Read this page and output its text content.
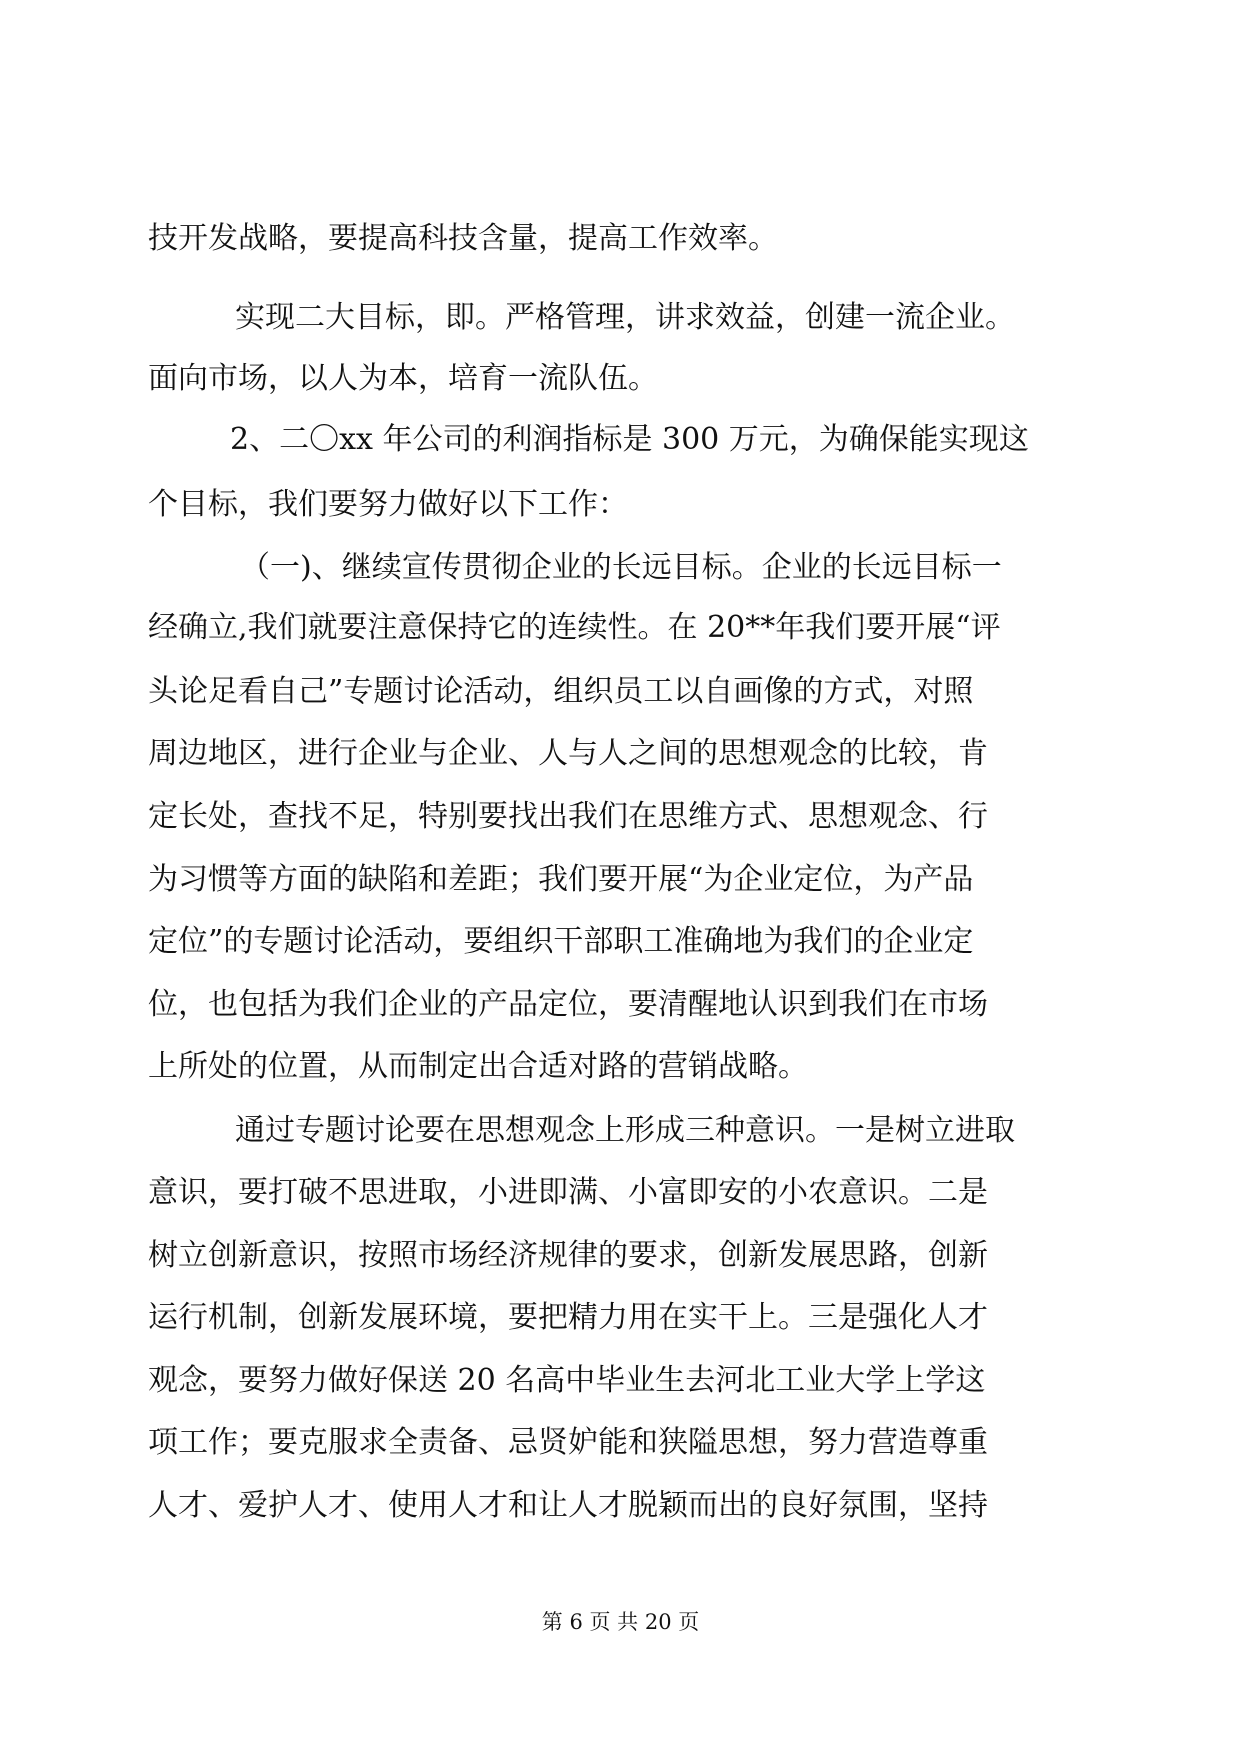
技开发战略，要提高科技含量，提高工作效率。
实现二大目标，即。严格管理，讲求效益，创建一流企业。
面向市场，以人为本，培育一流队伍。
2、二〇xx 年公司的利润指标是 300 万元，为确保能实现这
个目标，我们要努力做好以下工作：
（一)、继续宣传贯彻企业的长远目标。企业的长远目标一
经确立,我们就要注意保持它的连续性。在 20**年我们要开展“评
头论足看自己”专题讨论活动，组织员工以自画像的方式，对照
周边地区，进行企业与企业、人与人之间的思想观念的比较，肯
定长处，查找不足，特别要找出我们在思维方式、思想观念、行
为习惯等方面的缺陷和差距；我们要开展“为企业定位，为产品
定位”的专题讨论活动，要组织干部职工准确地为我们的企业定
位，也包括为我们企业的产品定位，要清醒地认识到我们在市场
上所处的位置，从而制定出合适对路的营销战略。
通过专题讨论要在思想观念上形成三种意识。一是树立进取
意识，要打破不思进取，小进即满、小富即安的小农意识。二是
树立创新意识，按照市场经济规律的要求，创新发展思路，创新
运行机制，创新发展环境，要把精力用在实干上。三是强化人才
观念，要努力做好保送 20 名高中毕业生去河北工业大学上学这
项工作；要克服求全责备、忌贤妒能和狭隘思想，努力营造尊重
人才、爱护人才、使用人才和让人才脱颖而出的良好氛围，坚持
第 6 页 共 20 页
